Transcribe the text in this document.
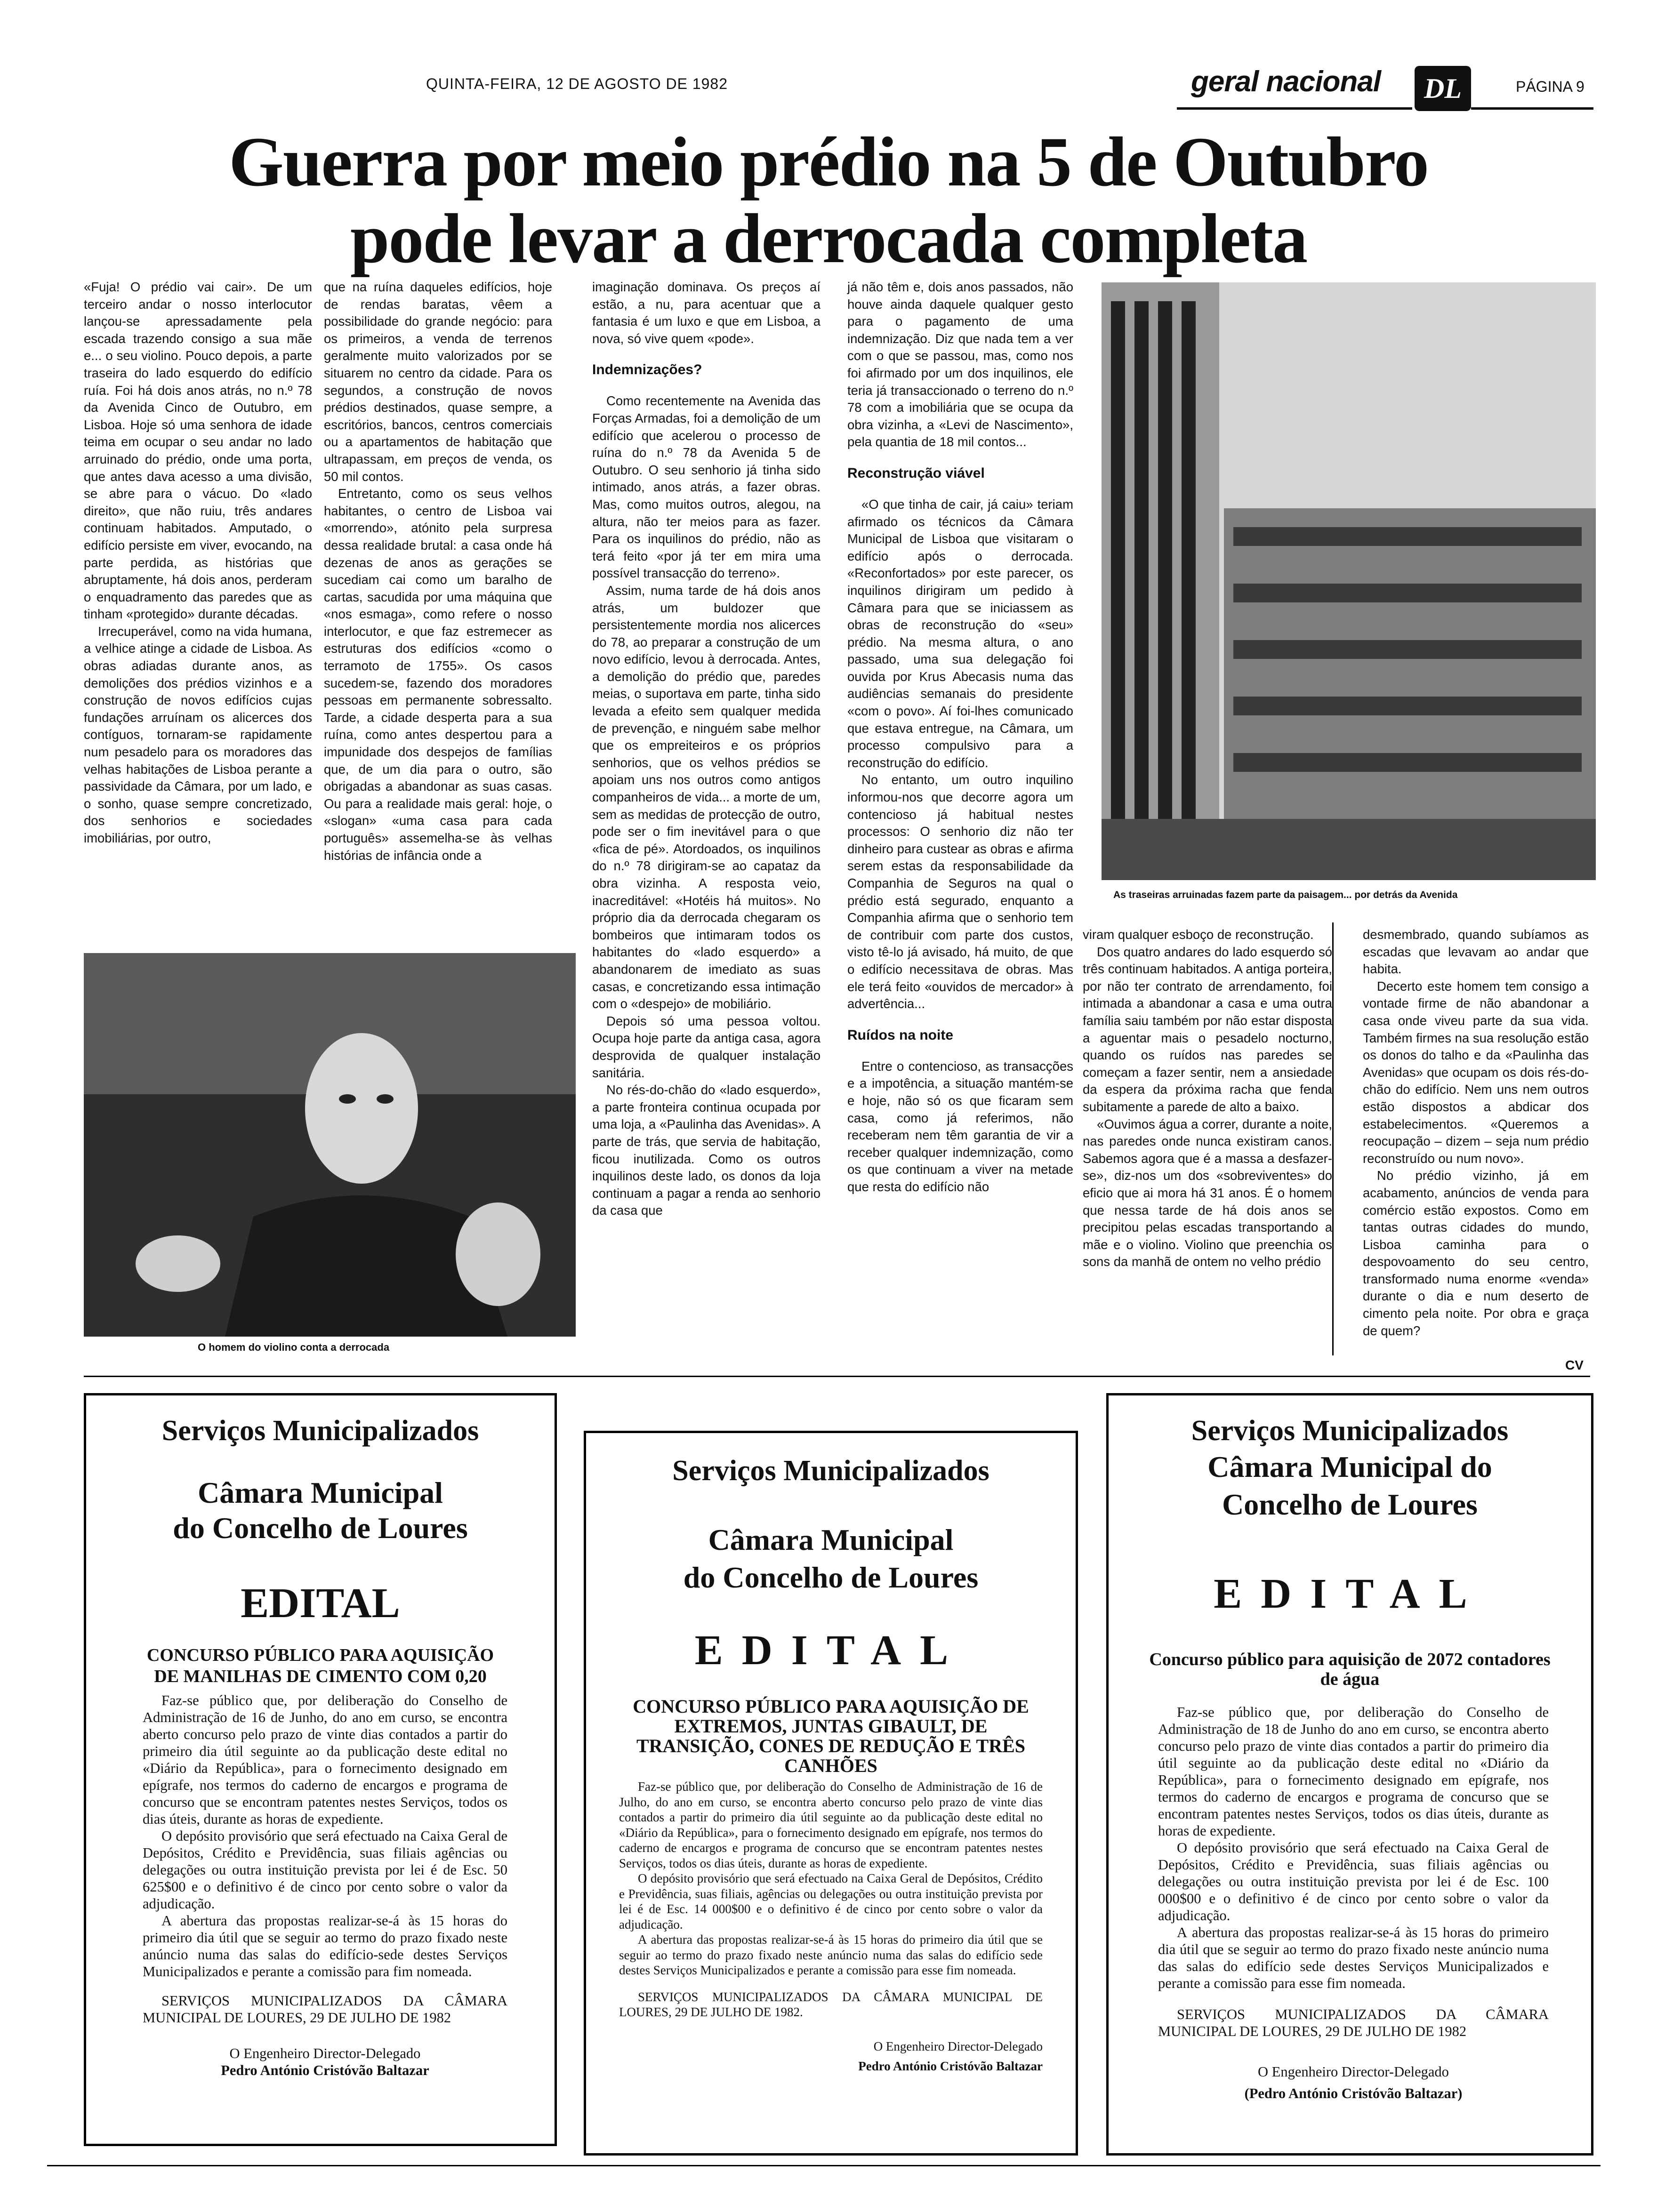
QUINTA-FEIRA, 12 DE AGOSTO DE 1982	geral nacional	DL	PÁGINA 9
Guerra por meio prédio na 5 de Outubro
pode levar a derrocada completa

«Fuja! O prédio vai cair». De um terceiro andar o nosso interlocutor lançou-se apressadamente pela escada trazendo consigo a sua mãe e... o seu violino. Pouco depois, a parte traseira do lado esquerdo do edifício ruía. Foi há dois anos atrás, no n.º 78 da Avenida Cinco de Outubro, em Lisboa. Hoje só uma senhora de idade teima em ocupar o seu andar no lado arruinado do prédio, onde uma porta, que antes dava acesso a uma divisão, se abre para o vácuo. Do «lado direito», que não ruiu, três andares continuam habitados. Amputado, o edifício persiste em viver, evocando, na parte perdida, as histórias que abruptamente, há dois anos, perderam o enquadramento das paredes que as tinham «protegido» durante décadas.

Irrecuperável, como na vida humana, a velhice atinge a cidade de Lisboa. As obras adiadas durante anos, as demolições dos prédios vizinhos e a construção de novos edifícios cujas fundações arruínam os alicerces dos contíguos, tornaram-se rapidamente num pesadelo para os moradores das velhas habitações de Lisboa perante a passividade da Câmara, por um lado, e o sonho, quase sempre concretizado, dos senhorios e sociedades imobiliárias, por outro,

que na ruína daqueles edifícios, hoje de rendas baratas, vêem a possibilidade do grande negócio: para os primeiros, a venda de terrenos geralmente muito valorizados por se situarem no centro da cidade. Para os segundos, a construção de novos prédios destinados, quase sempre, a escritórios, bancos, centros comerciais ou a apartamentos de habitação que ultrapassam, em preços de venda, os 50 mil contos.

Entretanto, como os seus velhos habitantes, o centro de Lisboa vai «morrendo», atónito pela surpresa dessa realidade brutal: a casa onde há dezenas de anos as gerações se sucediam cai como um baralho de cartas, sacudida por uma máquina que «nos esmaga», como refere o nosso interlocutor, e que faz estremecer as estruturas dos edifícios «como o terramoto de 1755». Os casos sucedem-se, fazendo dos moradores pessoas em permanente sobressalto. Tarde, a cidade desperta para a sua ruína, como antes despertou para a impunidade dos despejos de famílias que, de um dia para o outro, são obrigadas a abandonar as suas casas. Ou para a realidade mais geral: hoje, o «slogan» «uma casa para cada português» assemelha-se às velhas histórias de infância onde a

imaginação dominava. Os preços aí estão, a nu, para acentuar que a fantasia é um luxo e que em Lisboa, a nova, só vive quem «pode».

Indemnizações?

Como recentemente na Avenida das Forças Armadas, foi a demolição de um edifício que acelerou o processo de ruína do n.º 78 da Avenida 5 de Outubro. O seu senhorio já tinha sido intimado, anos atrás, a fazer obras. Mas, como muitos outros, alegou, na altura, não ter meios para as fazer. Para os inquilinos do prédio, não as terá feito «por já ter em mira uma possível transacção do terreno».

Assim, numa tarde de há dois anos atrás, um buldozer que persistentemente mordia nos alicerces do 78, ao preparar a construção de um novo edifício, levou à derrocada. Antes, a demolição do prédio que, paredes meias, o suportava em parte, tinha sido levada a efeito sem qualquer medida de prevenção, e ninguém sabe melhor que os empreiteiros e os próprios senhorios, que os velhos prédios se apoiam uns nos outros como antigos companheiros de vida... a morte de um, sem as medidas de protecção de outro, pode ser o fim inevitável para o que «fica de pé». Atordoados, os inquilinos do n.º 78 dirigiram-se ao capataz da obra vizinha. A resposta veio, inacreditável: «Hotéis há muitos». No próprio dia da derrocada chegaram os bombeiros que intimaram todos os habitantes do «lado esquerdo» a abandonarem de imediato as suas casas, e concretizando essa intimação com o «despejo» de mobiliário.

Depois só uma pessoa voltou. Ocupa hoje parte da antiga casa, agora desprovida de qualquer instalação sanitária.

No rés-do-chão do «lado esquerdo», a parte fronteira continua ocupada por uma loja, a «Paulinha das Avenidas». A parte de trás, que servia de habitação, ficou inutilizada. Como os outros inquilinos deste lado, os donos da loja continuam a pagar a renda ao senhorio da casa que

já não têm e, dois anos passados, não houve ainda daquele qualquer gesto para o pagamento de uma indemnização. Diz que nada tem a ver com o que se passou, mas, como nos foi afirmado por um dos inquilinos, ele teria já transaccionado o terreno do n.º 78 com a imobiliária que se ocupa da obra vizinha, a «Levi de Nascimento», pela quantia de 18 mil contos...

Reconstrução viável

«O que tinha de cair, já caiu» teriam afirmado os técnicos da Câmara Municipal de Lisboa que visitaram o edifício após o derrocada. «Reconfortados» por este parecer, os inquilinos dirigiram um pedido à Câmara para que se iniciassem as obras de reconstrução do «seu» prédio. Na mesma altura, o ano passado, uma sua delegação foi ouvida por Krus Abecasis numa das audiências semanais do presidente «com o povo». Aí foi-lhes comunicado que estava entregue, na Câmara, um processo compulsivo para a reconstrução do edifício.

No entanto, um outro inquilino informou-nos que decorre agora um contencioso já habitual nestes processos: O senhorio diz não ter dinheiro para custear as obras e afirma serem estas da responsabilidade da Companhia de Seguros na qual o prédio está segurado, enquanto a Companhia afirma que o senhorio tem de contribuir com parte dos custos, visto tê-lo já avisado, há muito, de que o edifício necessitava de obras. Mas ele terá feito «ouvidos de mercador» à advertência...

Ruídos na noite

Entre o contencioso, as transacções e a impotência, a situação mantém-se e hoje, não só os que ficaram sem casa, como já referimos, não receberam nem têm garantia de vir a receber qualquer indemnização, como os que continuam a viver na metade que resta do edifício não

viram qualquer esboço de reconstrução.

Dos quatro andares do lado esquerdo só três continuam habitados. A antiga porteira, por não ter contrato de arrendamento, foi intimada a abandonar a casa e uma outra família saiu também por não estar disposta a aguentar mais o pesadelo nocturno, quando os ruídos nas paredes se começam a fazer sentir, nem a ansiedade da espera da próxima racha que fenda subitamente a parede de alto a baixo.

«Ouvimos água a correr, durante a noite, nas paredes onde nunca existiram canos. Sabemos agora que é a massa a desfazer-se», diz-nos um dos «sobreviventes» do eficio que ai mora há 31 anos. É o homem que nessa tarde de há dois anos se precipitou pelas escadas transportando a mãe e o violino. Violino que preenchia os sons da manhã de ontem no velho prédio

desmembrado, quando subíamos as escadas que levavam ao andar que habita.

Decerto este homem tem consigo a vontade firme de não abandonar a casa onde viveu parte da sua vida. Também firmes na sua resolução estão os donos do talho e da «Paulinha das Avenidas» que ocupam os dois rés-do-chão do edifício. Nem uns nem outros estão dispostos a abdicar dos estabelecimentos. «Queremos a reocupação – dizem – seja num prédio reconstruído ou num novo».

No prédio vizinho, já em acabamento, anúncios de venda para comércio estão expostos. Como em tantas outras cidades do mundo, Lisboa caminha para o despovoamento do seu centro, transformado numa enorme «venda» durante o dia e num deserto de cimento pela noite. Por obra e graça de quem?

CV
O homem do violino conta a derrocada
As traseiras arruinadas fazem parte da paisagem... por detrás da Avenida
Serviços Municipalizados
Câmara Municipal
do Concelho de Loures
EDITAL
CONCURSO PÚBLICO PARA AQUISIÇÃO
DE MANILHAS DE CIMENTO COM 0,20

Faz-se público que, por deliberação do Conselho de Administração de 16 de Junho, do ano em curso, se encontra aberto concurso pelo prazo de vinte dias contados a partir do primeiro dia útil seguinte ao da publicação deste edital no «Diário da República», para o fornecimento designado em epígrafe, nos termos do caderno de encargos e programa de concurso que se encontram patentes nestes Serviços, todos os dias úteis, durante as horas de expediente.

O depósito provisório que será efectuado na Caixa Geral de Depósitos, Crédito e Previdência, suas filiais agências ou delegações ou outra instituição prevista por lei é de Esc. 50 625$00 e o definitivo é de cinco por cento sobre o valor da adjudicação.

A abertura das propostas realizar-se-á às 15 horas do primeiro dia útil que se seguir ao termo do prazo fixado neste anúncio numa das salas do edifício-sede destes Serviços Municipalizados e perante a comissão para fim nomeada.

SERVIÇOS MUNICIPALIZADOS DA CÂMARA MUNICIPAL DE LOURES, 29 DE JULHO DE 1982

O Engenheiro Director-Delegado
Pedro António Cristóvão Baltazar
Serviços Municipalizados
Câmara Municipal
do Concelho de Loures
EDITAL
CONCURSO PÚBLICO PARA AQUISIÇÃO DE EXTREMOS, JUNTAS GIBAULT, DE TRANSIÇÃO, CONES DE REDUÇÃO E TRÊS CANHÕES

Faz-se público que, por deliberação do Conselho de Administração de 16 de Julho, do ano em curso, se encontra aberto concurso pelo prazo de vinte dias contados a partir do primeiro dia útil seguinte ao da publicação deste edital no «Diário da República», para o fornecimento designado em epígrafe, nos termos do caderno de encargos e programa de concurso que se encontram patentes nestes Serviços, todos os dias úteis, durante as horas de expediente.

O depósito provisório que será efectuado na Caixa Geral de Depósitos, Crédito e Previdência, suas filiais, agências ou delegações ou outra instituição prevista por lei é de Esc. 14 000$00 e o definitivo é de cinco por cento sobre o valor da adjudicação.

A abertura das propostas realizar-se-á às 15 horas do primeiro dia útil que se seguir ao termo do prazo fixado neste anúncio numa das salas do edifício sede destes Serviços Municipalizados e perante a comissão para esse fim nomeada.

SERVIÇOS MUNICIPALIZADOS DA CÂMARA MUNICIPAL DE LOURES, 29 DE JULHO DE 1982.

O Engenheiro Director-Delegado
Pedro António Cristóvão Baltazar
Serviços Municipalizados
Câmara Municipal do
Concelho de Loures
EDITAL
Concurso público para aquisição de 2072 contadores de água

Faz-se público que, por deliberação do Conselho de Administração de 18 de Junho do ano em curso, se encontra aberto concurso pelo prazo de vinte dias contados a partir do primeiro dia útil seguinte ao da publicação deste edital no «Diário da República», para o fornecimento designado em epígrafe, nos termos do caderno de encargos e programa de concurso que se encontram patentes nestes Serviços, todos os dias úteis, durante as horas de expediente.

O depósito provisório que será efectuado na Caixa Geral de Depósitos, Crédito e Previdência, suas filiais agências ou delegações ou outra instituição prevista por lei é de Esc. 100 000$00 e o definitivo é de cinco por cento sobre o valor da adjudicação.

A abertura das propostas realizar-se-á às 15 horas do primeiro dia útil que se seguir ao termo do prazo fixado neste anúncio numa das salas do edifício sede destes Serviços Municipalizados e perante a comissão para esse fim nomeada.

SERVIÇOS MUNICIPALIZADOS DA CÂMARA MUNICIPAL DE LOURES, 29 DE JULHO DE 1982

O Engenheiro Director-Delegado
(Pedro António Cristóvão Baltazar)
